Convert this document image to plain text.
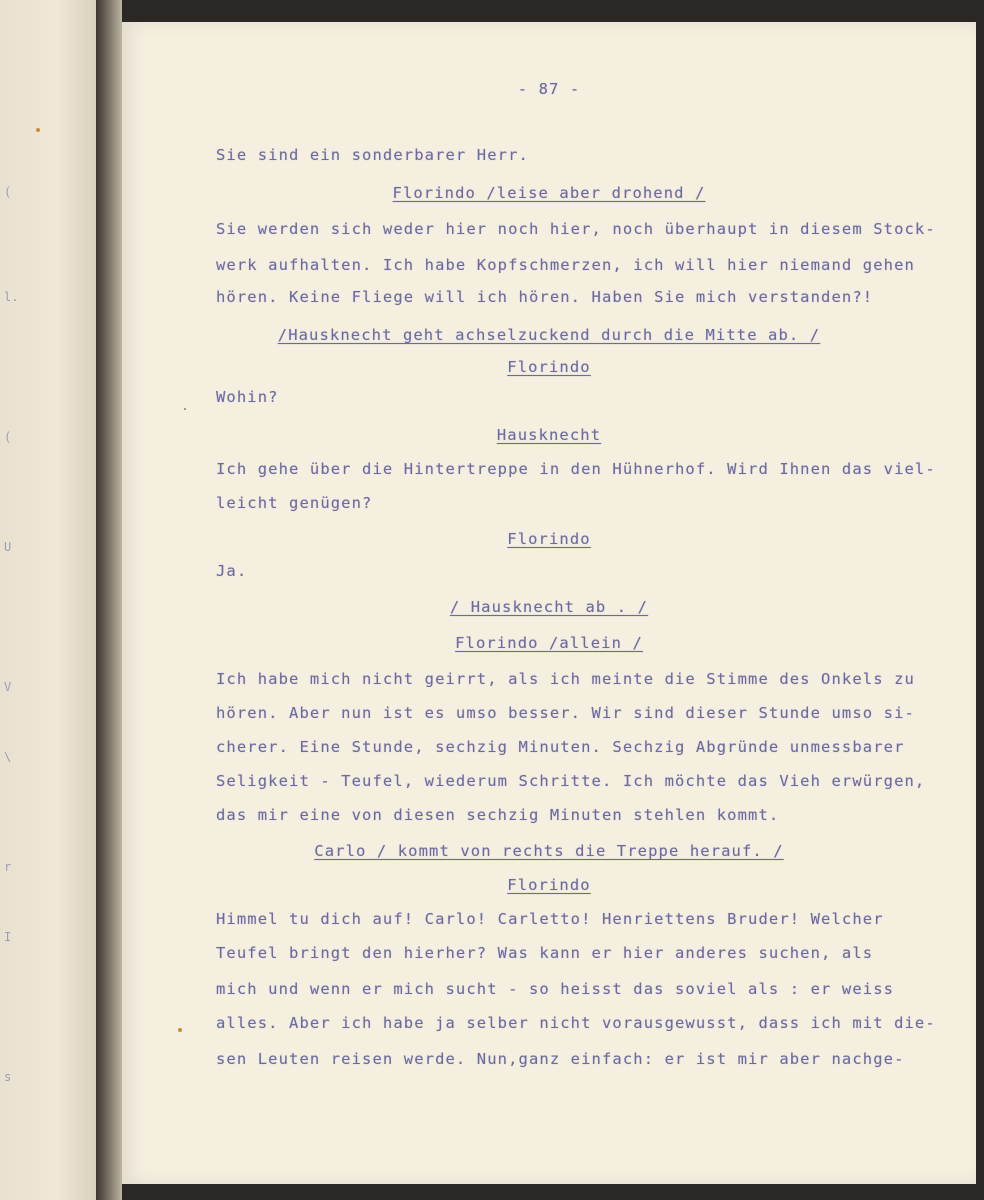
(
l.
(
U
V
\
r
I
s
- 87 -
Sie sind ein sonderbarer Herr.
Florindo /leise aber drohend /
Sie werden sich weder hier noch hier, noch überhaupt in diesem Stock-
werk aufhalten. Ich habe Kopfschmerzen, ich will hier niemand gehen
hören. Keine Fliege will ich hören. Haben Sie mich verstanden?!
/Hausknecht geht achselzuckend durch die Mitte ab. /
Florindo
Wohin?
Hausknecht
Ich gehe über die Hintertreppe in den Hühnerhof. Wird Ihnen das viel-
leicht genügen?
Florindo
Ja.
/ Hausknecht ab . /
Florindo /allein /
Ich habe mich nicht geirrt, als ich meinte die Stimme des Onkels zu
hören. Aber nun ist es umso besser. Wir sind dieser Stunde umso si-
cherer. Eine Stunde, sechzig Minuten. Sechzig Abgründe unmessbarer
Seligkeit - Teufel, wiederum Schritte. Ich möchte das Vieh erwürgen,
das mir eine von diesen sechzig Minuten stehlen kommt.
Carlo / kommt von rechts die Treppe herauf. /
Florindo
Himmel tu dich auf! Carlo! Carletto! Henriettens Bruder! Welcher
Teufel bringt den hierher? Was kann er hier anderes suchen, als
mich und wenn er mich sucht - so heisst das soviel als : er weiss
alles. Aber ich habe ja selber nicht vorausgewusst, dass ich mit die-
sen Leuten reisen werde. Nun,ganz einfach: er ist mir aber nachge-
